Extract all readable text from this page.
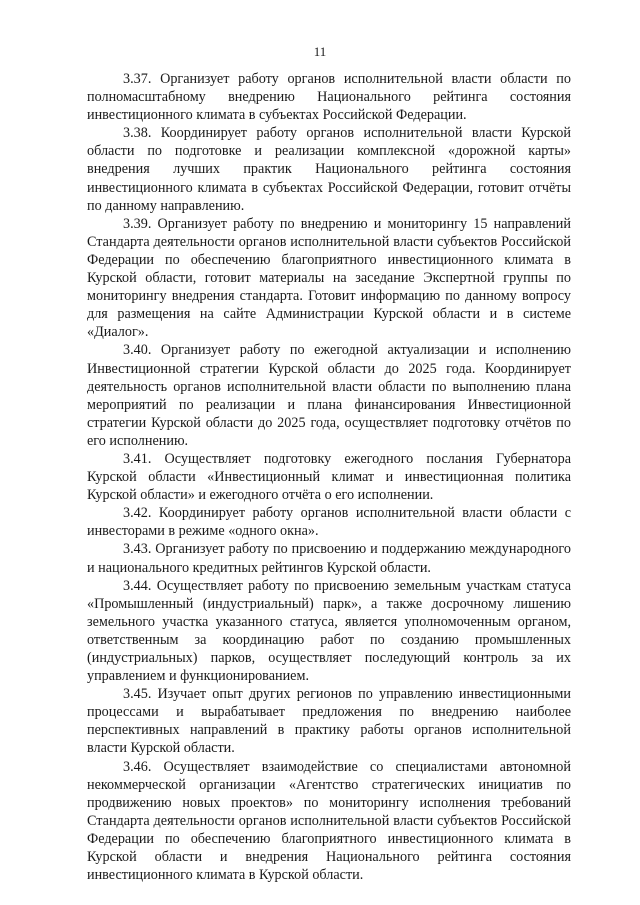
11

3.37. Организует работу органов исполнительной власти области по полномасштабному внедрению Национального рейтинга состояния инвестиционного климата в субъектах Российской Федерации.

3.38. Координирует работу органов исполнительной власти Курской области по подготовке и реализации комплексной «дорожной карты» внедрения лучших практик Национального рейтинга состояния инвестиционного климата в субъектах Российской Федерации, готовит отчёты по данному направлению.

3.39. Организует работу по внедрению и мониторингу 15 направлений Стандарта деятельности органов исполнительной власти субъектов Российской Федерации по обеспечению благоприятного инвестиционного климата в Курской области, готовит материалы на заседание Экспертной группы по мониторингу внедрения стандарта. Готовит информацию по данному вопросу для размещения на сайте Администрации Курской области и в системе «Диалог».

3.40. Организует работу по ежегодной актуализации и исполнению Инвестиционной стратегии Курской области до 2025 года. Координирует деятельность органов исполнительной власти области по выполнению плана мероприятий по реализации и плана финансирования Инвестиционной стратегии Курской области до 2025 года, осуществляет подготовку отчётов по его исполнению.

3.41. Осуществляет подготовку ежегодного послания Губернатора Курской области «Инвестиционный климат и инвестиционная политика Курской области» и ежегодного отчёта о его исполнении.

3.42. Координирует работу органов исполнительной власти области с инвесторами в режиме «одного окна».

3.43. Организует работу по присвоению и поддержанию международного и национального кредитных рейтингов Курской области.

3.44. Осуществляет работу по присвоению земельным участкам статуса «Промышленный (индустриальный) парк», а также досрочному лишению земельного участка указанного статуса, является уполномоченным органом, ответственным за координацию работ по созданию промышленных (индустриальных) парков, осуществляет последующий контроль за их управлением и функционированием.

3.45. Изучает опыт других регионов по управлению инвестиционными процессами и вырабатывает предложения по внедрению наиболее перспективных направлений в практику работы органов исполнительной власти Курской области.

3.46. Осуществляет взаимодействие со специалистами автономной некоммерческой организации «Агентство стратегических инициатив по продвижению новых проектов» по мониторингу исполнения требований Стандарта деятельности органов исполнительной власти субъектов Российской Федерации по обеспечению благоприятного инвестиционного климата в Курской области и внедрения Национального рейтинга состояния инвестиционного климата в Курской области.
